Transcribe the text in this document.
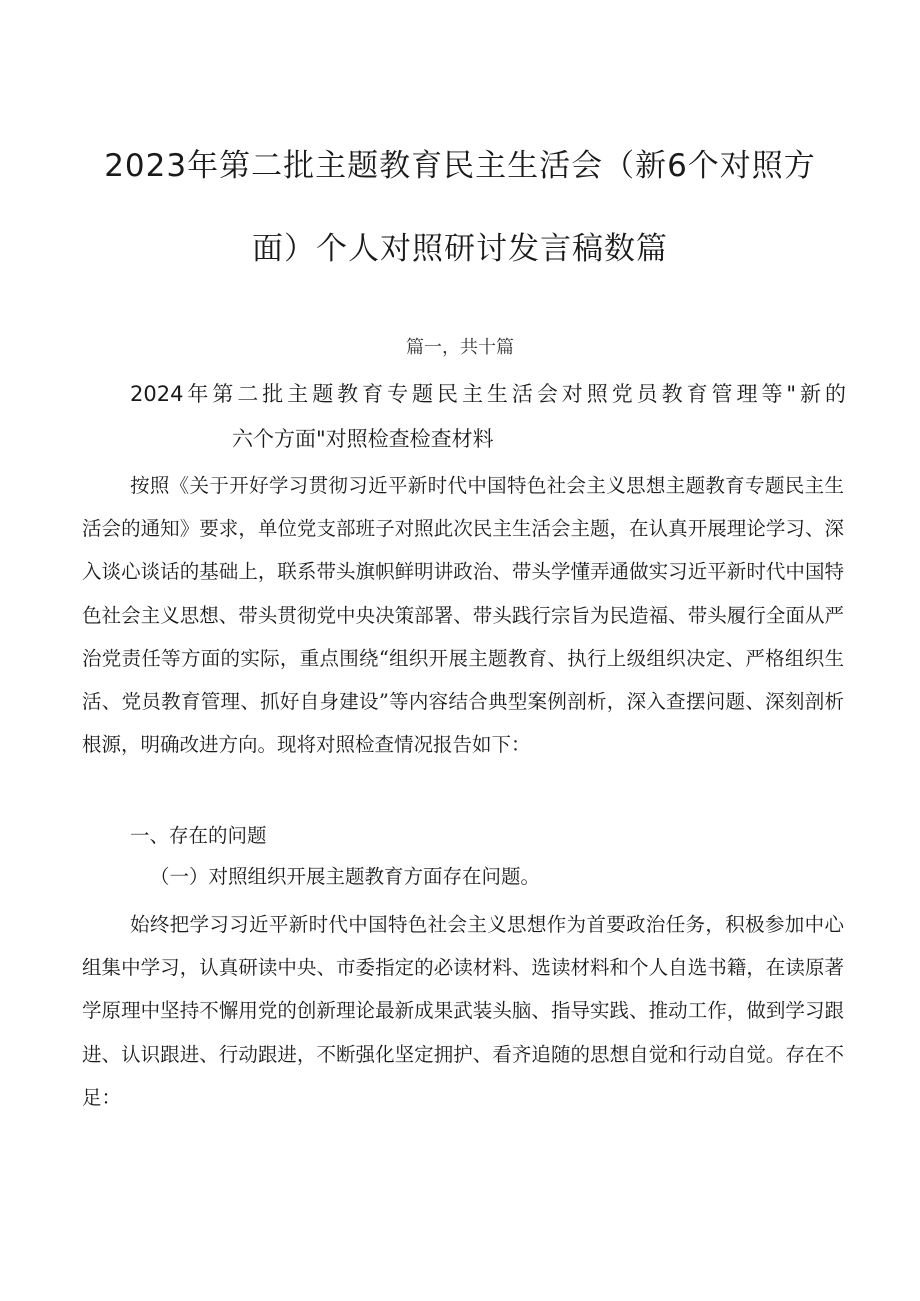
2023年第二批主题教育民主生活会（新6个对照方
面）个人对照研讨发言稿数篇
篇一，共十篇
2024年第二批主题教育专题民主生活会对照党员教育管理等"新的
六个方面"对照检查检查材料
按照《关于开好学习贯彻习近平新时代中国特色社会主义思想主题教育专题民主生活会的通知》要求，单位党支部班子对照此次民主生活会主题，在认真开展理论学习、深入谈心谈话的基础上，联系带头旗帜鲜明讲政治、带头学懂弄通做实习近平新时代中国特色社会主义思想、带头贯彻党中央决策部署、带头践行宗旨为民造福、带头履行全面从严治党责任等方面的实际，重点围绕“组织开展主题教育、执行上级组织决定、严格组织生活、党员教育管理、抓好自身建设”等内容结合典型案例剖析，深入查摆问题、深刻剖析根源，明确改进方向。现将对照检查情况报告如下：
一、存在的问题
（一）对照组织开展主题教育方面存在问题。
始终把学习习近平新时代中国特色社会主义思想作为首要政治任务，积极参加中心组集中学习，认真研读中央、市委指定的必读材料、选读材料和个人自选书籍，在读原著学原理中坚持不懈用党的创新理论最新成果武装头脑、指导实践、推动工作，做到学习跟进、认识跟进、行动跟进，不断强化坚定拥护、看齐追随的思想自觉和行动自觉。存在不足：
